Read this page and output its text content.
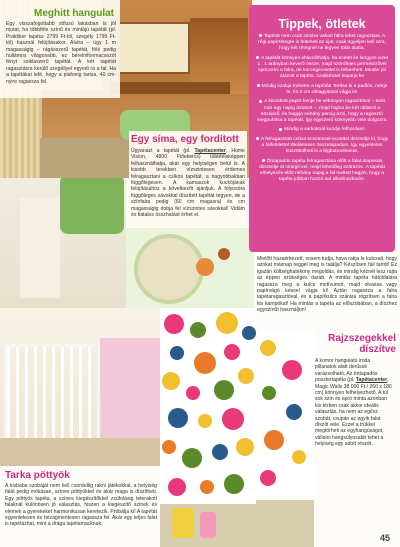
Meghitt hangulat
Egy visszafogottabb stílusú lakásban is jól mutat, ha többféle színű és mintájú tapétát (pl. Praktiker tapéta: 2799 Ft-tól, szegély 1799 Ft-tól) használ felújításakor. Alulra – úgy 1 m magasságig – rágásszerű tapétát, fölé pedig hullámos világosabb, ez bérelnifonmacsozót fényt sziklaszerű tapétát. A két tapétát ragasztásra kerülő szegéllyel egyedi rá a fal. Ha a tapétákat lefé, hogy a plafonig tartsa, 40 cm-nyire ragassza fel.
Egy síma, egy fordított
Úgyanazt a tapétát (pl. Tapétacenter, Home Vision, 4800 Ft/tekercs) többféleképpen felhasználhatja, akár egy helyiségen belül is. A kisebb terekben vízszintesen érdemes felragasztani a csíkos tapétát, a nagyobbakban függőlegesen. A kamaszok kuckójának felújításához a következőt ajánljuk. A folyosóra függőleges sávokkal díszített tapétát tegyen, de a színfalra pedig (60 cm magasra) és cm magasságig dobja fel vízszintes sávokkal! Vidám és fiatalos összhatást érhet el.
Mielőtt hazaérkezett, sosem tudja, hova rakja le kulcsait, hogy azokat másnap reggel meg is találja? Készítsen fali tartót! Ez igazán költséghatékony megoldás, és mindig kéznél lesz rajta az éppen szükséges darab. A mintás tapéta hátoldalára ragassza meg a kulcs motívumot, majd olvassa vagy papírvágó késsel vágja ki! Aztán ragassza a falra tapétaragasztóval, és a papírkulcs szárára rögzítsen a falra kis kampókat! Ha mintás a tapéta az előszobában, a díszhez egyszínűt használjon!
Rajzszegekkel díszítve
A komor hangulatú iroda pillanatok alatt derűssé varázsolható. Az öntapadós posztertapéta (pl. Tapétacenter, Magic Walls 38 000 Ft / 260 x 186 cm) könnyen felhelyezhető. A túl sok szín és apró minta azonban kis térben csak akkor ideális választás, ha nem az egész szobát, csupán az egyik falat díszíti vele. Ezzel a trükkel megtörheti az egyhangúságot, vállalni hangsúlyosabb tehet a helyiség egy adott részét.
Tarka pöttyök
A kisbaba szobáját nem kell csordultig rakni játékokkal, a helyiség falát pedig mókásan, színes pöttyökkel és akár maga is díszítheti. Egy pöttyös tapéta, a színes kiegészítőkkel zsúfolásig telerakott falaknál különösen jó választás, hiszen a kiegészítő színek és elemek a gyerekeket harmonikusan keretezik. Próbálja ki! A tapétát egyenletesen és hézagmentesen ragassza fel. Akár egy teljes falat is tapétázhat, mint a drága tapétamacknak.
Tippek, ötletek
Tapétát nem csak simára vakart falra lehet ragasztani. A régi papírrétegre is felteheti az újat, csak ügyeljen kell arra, hogy két rétegnél ne legyen több alatta.
A tapétát könnyen eltávolíthatja, ha ecetet és langyos vizet 1 : 1 arányban keverő össze, majd szórófejes permetezővel spriccelni a falra, de korongecsettel is felkenheti. Miután jól átázott a tapéta, szakkéssel kaparja le!
Mindig szabja méretre a tapétát! Terítse ki a padlón, mérje le, és 5 cm ráhagyással vágja le!
A kiszabott papírt kenje be vékonyan ragasztóval – amit már egy napig áztatott –, majd hajtsa be két oldalról a középső, és hagyja néhány percig ázni, hogy a ragasztó megpuhítsa a tapétát. Így egyszerű könnyebb vele dolgozni.
Mindig a sarkoknál kezdje felhordani!
A felragasztott csíkot ecsetessel-ecsettel dörzsölje ki, hogy a falfelülettel tökéletesen összetapadjon. Így egyenletes küszöbölheti ki a légbuborékokat.
Öntapadós tapéta felragasztása előtt a falat alaposan dörzsölje át smirgli-vel, majd lehetőleg szárazon. A tapétát elhelyezés előtt néhány napig a fal mellett hagyni, hogy a tapéta jobban hozzá tud alkalmazkodni.
45
